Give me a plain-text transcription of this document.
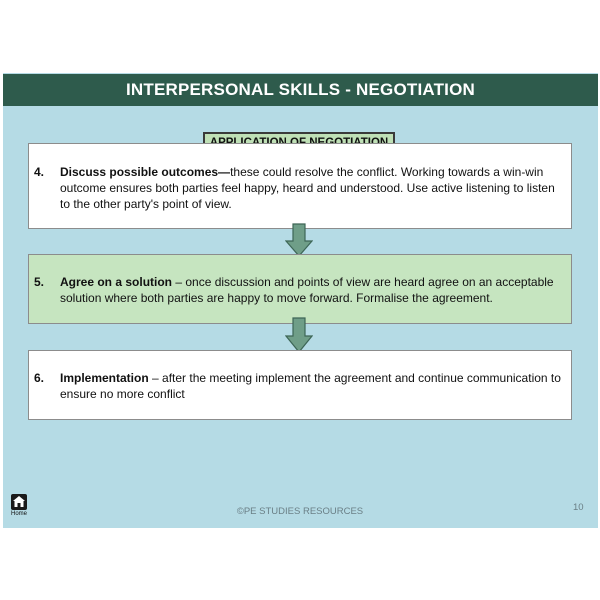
INTERPERSONAL SKILLS - NEGOTIATION
4.	Discuss possible outcomes—these could resolve the conflict. Working towards a win-win outcome ensures both parties feel happy, heard and understood. Use active listening to listen to the other party's point of view.
5.	Agree on a solution – once discussion and points of view are heard agree on an acceptable solution where both parties are happy to move forward. Formalise the agreement.
6.	Implementation – after the meeting implement the agreement and continue communication to ensure no more conflict
Home	©PE STUDIES RESOURCES	10
